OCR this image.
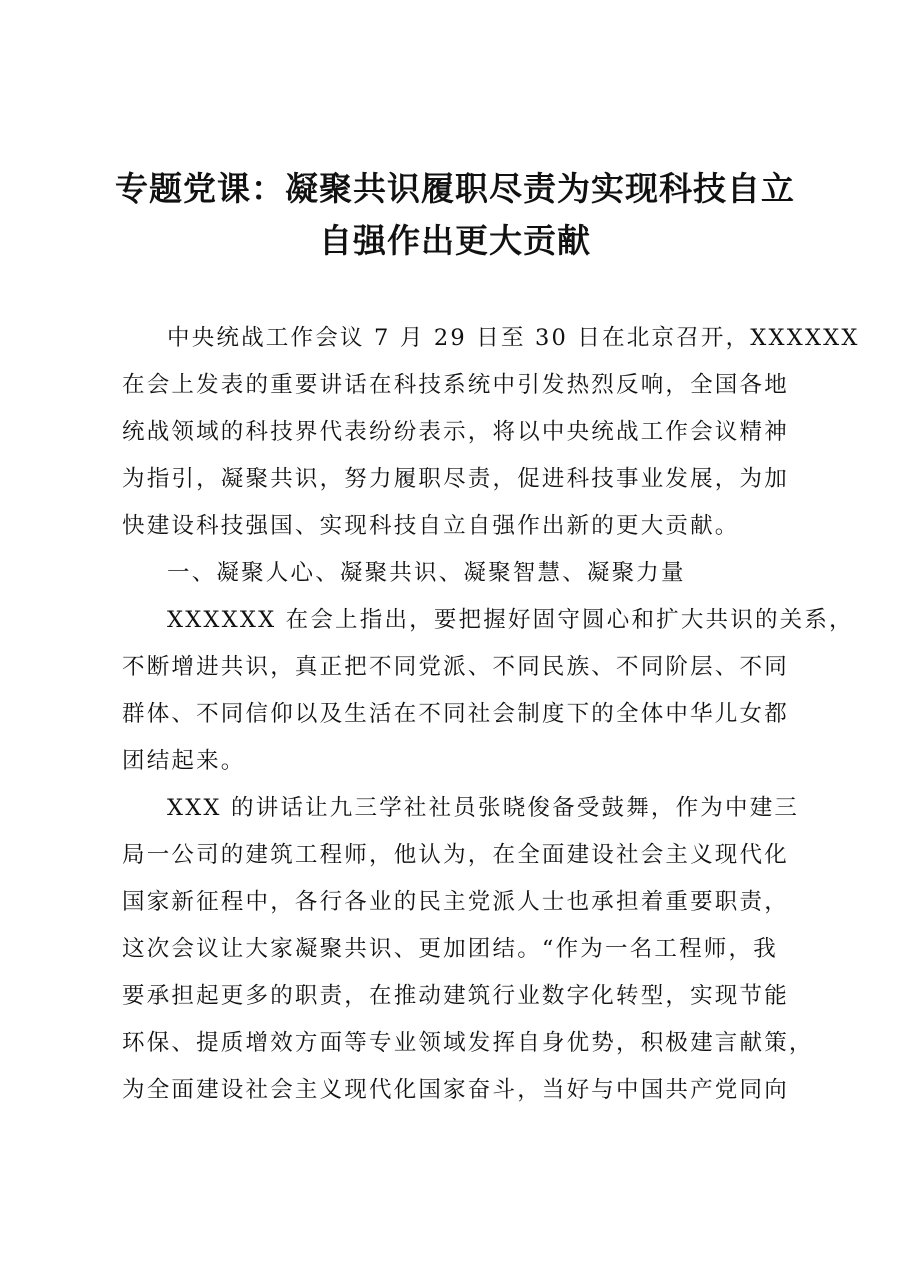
专题党课：凝聚共识履职尽责为实现科技自立
自强作出更大贡献

中央统战工作会议 7 月 29 日至 30 日在北京召开，XXXXXX
在会上发表的重要讲话在科技系统中引发热烈反响，全国各地
统战领域的科技界代表纷纷表示，将以中央统战工作会议精神
为指引，凝聚共识，努力履职尽责，促进科技事业发展，为加
快建设科技强国、实现科技自立自强作出新的更大贡献。

一、凝聚人心、凝聚共识、凝聚智慧、凝聚力量

XXXXXX 在会上指出，要把握好固守圆心和扩大共识的关系，
不断增进共识，真正把不同党派、不同民族、不同阶层、不同
群体、不同信仰以及生活在不同社会制度下的全体中华儿女都
团结起来。

XXX 的讲话让九三学社社员张晓俊备受鼓舞，作为中建三
局一公司的建筑工程师，他认为，在全面建设社会主义现代化
国家新征程中，各行各业的民主党派人士也承担着重要职责，
这次会议让大家凝聚共识、更加团结。“作为一名工程师，我
要承担起更多的职责，在推动建筑行业数字化转型，实现节能
环保、提质增效方面等专业领域发挥自身优势，积极建言献策，
为全面建设社会主义现代化国家奋斗，当好与中国共产党同向
